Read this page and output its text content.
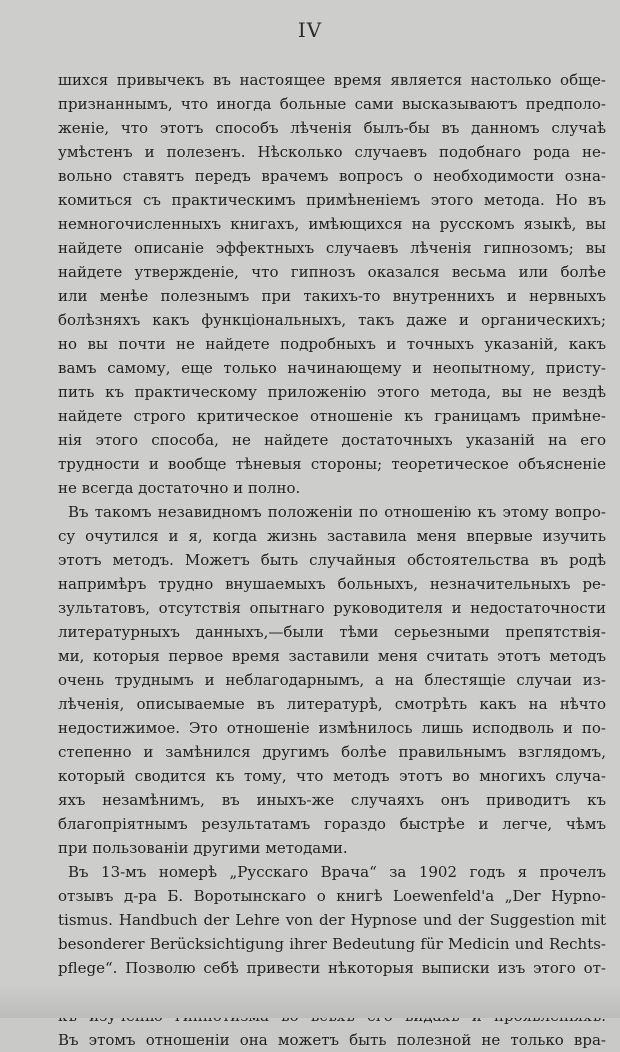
IV
шихся привычекъ въ настоящее время является настолько обще-
признаннымъ, что иногда больные сами высказываютъ предполо-
женіе, что этотъ способъ лѣченія былъ-бы въ данномъ случаѣ
умѣстенъ и полезенъ. Нѣсколько случаевъ подобнаго рода не-
вольно ставятъ передъ врачемъ вопросъ о необходимости озна-
комиться съ практическимъ примѣненіемъ этого метода. Но въ
немногочисленныхъ книгахъ, имѣющихся на русскомъ языкѣ, вы
найдете описаніе эффектныхъ случаевъ лѣченія гипнозомъ; вы
найдете утвержденіе, что гипнозъ оказался весьма или болѣе
или менѣе полезнымъ при такихъ-то внутреннихъ и нервныхъ
болѣзняхъ какъ функціональныхъ, такъ даже и органическихъ;
но вы почти не найдете подробныхъ и точныхъ указаній, какъ
вамъ самому, еще только начинающему и неопытному, присту-
пить къ практическому приложенію этого метода, вы не вездѣ
найдете строго критическое отношеніе къ границамъ примѣне-
нія этого способа, не найдете достаточныхъ указаній на его
трудности и вообще тѣневыя стороны; теоретическое объясненіе
не всегда достаточно и полно.
Въ такомъ незавидномъ положеніи по отношенію къ этому вопро-
су очутился и я, когда жизнь заставила меня впервые изучить
этотъ методъ. Можетъ быть случайныя обстоятельства въ родѣ
напримѣръ трудно внушаемыхъ больныхъ, незначительныхъ ре-
зультатовъ, отсутствія опытнаго руководителя и недостаточности
литературныхъ данныхъ,—были тѣми серьезными препятствія-
ми, которыя первое время заставили меня считать этотъ методъ
очень труднымъ и неблагодарнымъ, а на блестящіе случаи из-
лѣченія, описываемые въ литературѣ, смотрѣть какъ на нѣчто
недостижимое. Это отношеніе измѣнилось лишь исподволь и по-
степенно и замѣнился другимъ болѣе правильнымъ взглядомъ,
который сводится къ тому, что методъ этотъ во многихъ случа-
яхъ незамѣнимъ, въ иныхъ-же случаяхъ онъ приводитъ къ
благопріятнымъ результатамъ гораздо быстрѣе и легче, чѣмъ
при пользованіи другими методами.
Въ 13-мъ номерѣ „Русскаго Врача“ за 1902 годъ я прочелъ
отзывъ д-ра Б. Воротынскаго о книгѣ Loewenfeld'a „Der Hypno-
tismus. Handbuch der Lehre von der Hypnose und der Suggestion mit
besonderer Berücksichtigung ihrer Bedeutung für Medicin und Rechts-
pflege“. Позволю себѣ привести нѣкоторыя выписки изъ этого от-
Въ этомъ отношеніи она можетъ быть полезной не только вра-
